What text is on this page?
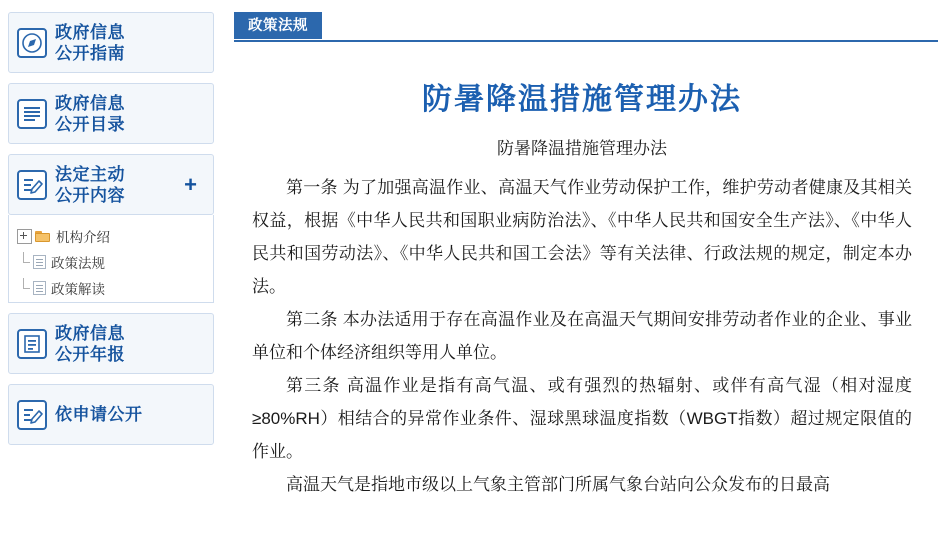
政府信息
公开指南
政府信息
公开目录
法定主动
公开内容	+
机构介绍
政策法规
政策解读
政府信息
公开年报
依申请公开
政策法规
防暑降温措施管理办法
防暑降温措施管理办法

第一条 为了加强高温作业、高温天气作业劳动保护工作，维护劳动者健康及其相关权益，根据《中华人民共和国职业病防治法》、《中华人民共和国安全生产法》、《中华人民共和国劳动法》、《中华人民共和国工会法》等有关法律、行政法规的规定，制定本办法。

第二条 本办法适用于存在高温作业及在高温天气期间安排劳动者作业的企业、事业单位和个体经济组织等用人单位。

第三条 高温作业是指有高气温、或有强烈的热辐射、或伴有高气湿（相对湿度≥80%RH）相结合的异常作业条件、湿球黑球温度指数（WBGT指数）超过规定限值的作业。

高温天气是指地市级以上气象主管部门所属气象台站向公众发布的日最高
